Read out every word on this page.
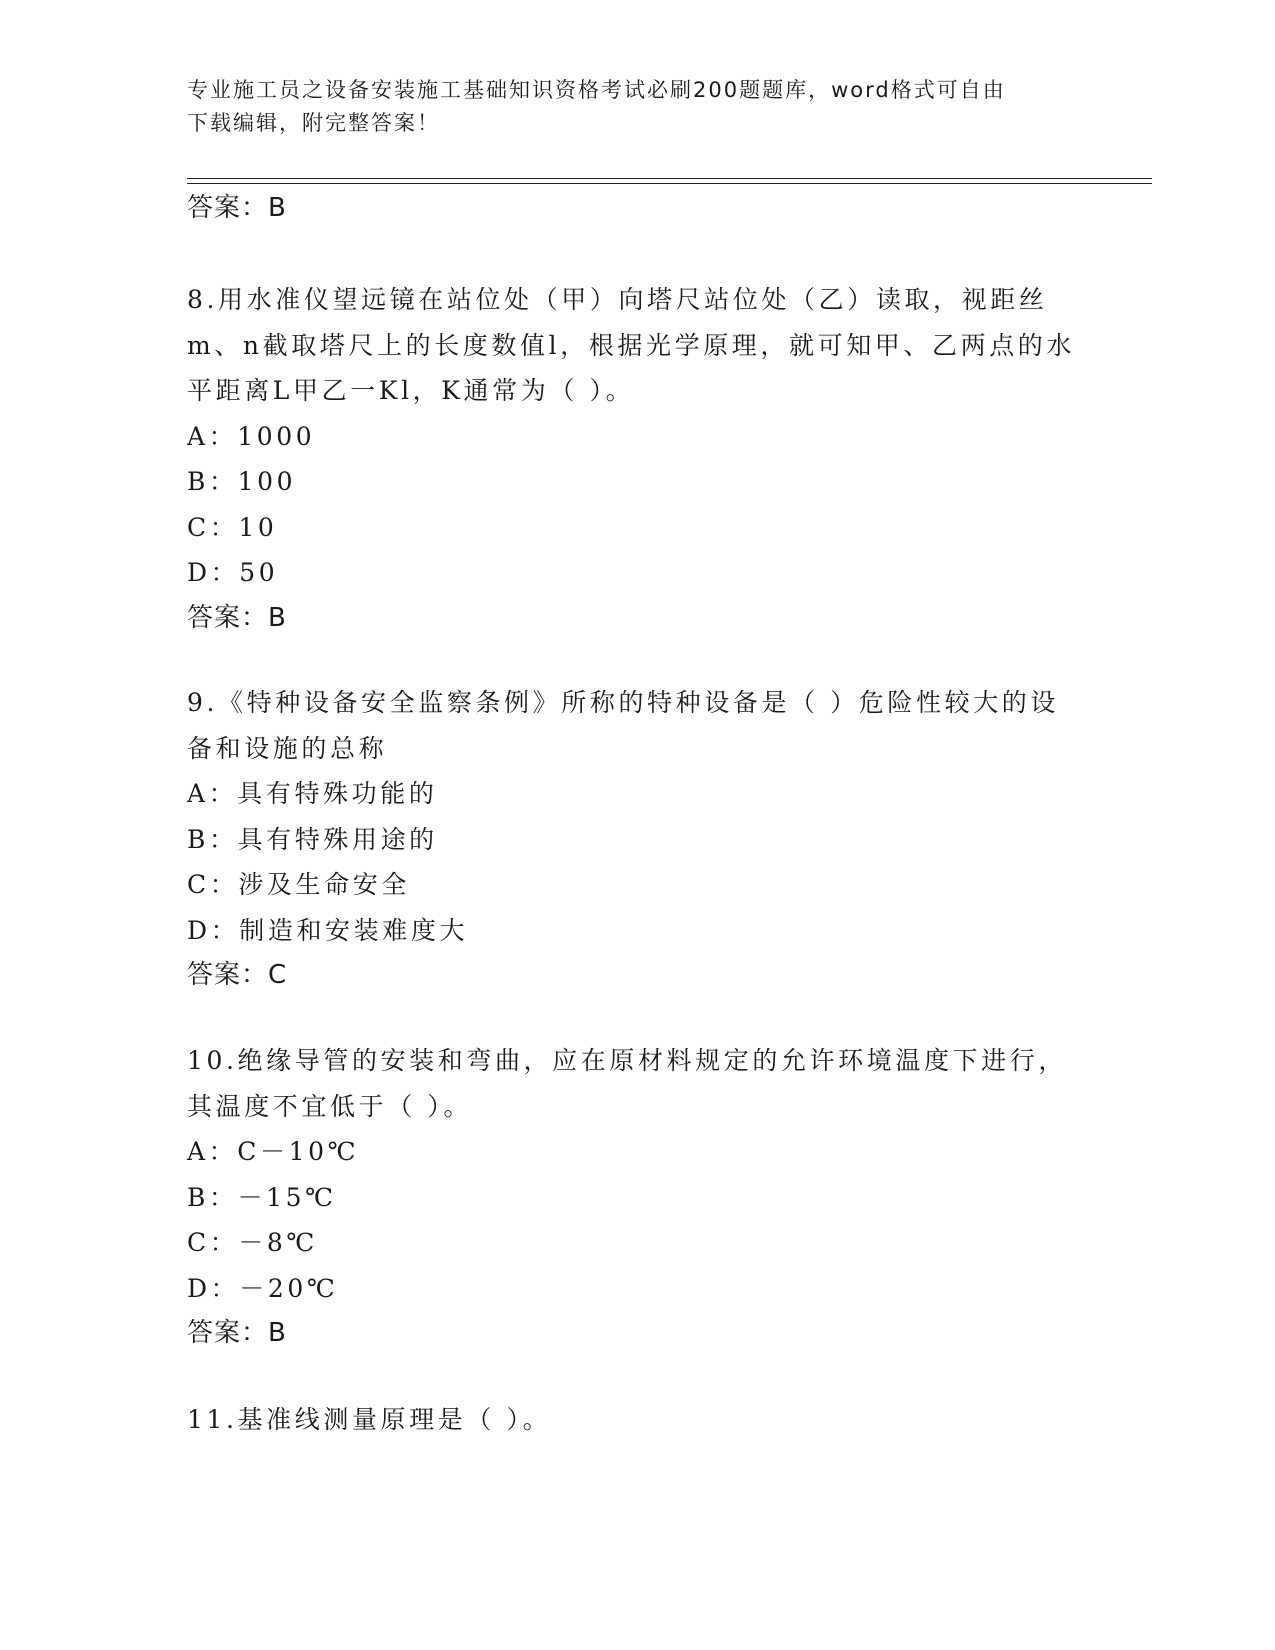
专业施工员之设备安装施工基础知识资格考试必刷200题题库，word格式可自由
下载编辑，附完整答案！

答案：B

8.用水准仪望远镜在站位处（甲）向塔尺站位处（乙）读取，视距丝m、n截取塔尺上的长度数值l，根据光学原理，就可知甲、乙两点的水平距离L甲乙一Kl，K通常为（ ）。

A：1000

B：100

C：10

D：50

答案：B

9.《特种设备安全监察条例》所称的特种设备是（ ）危险性较大的设备和设施的总称

A：具有特殊功能的

B：具有特殊用途的

C：涉及生命安全

D：制造和安装难度大

答案：C

10.绝缘导管的安装和弯曲，应在原材料规定的允许环境温度下进行，其温度不宜低于（ ）。

A：C－10℃

B：－15℃

C：－8℃

D：－20℃

答案：B

11.基准线测量原理是（ ）。
